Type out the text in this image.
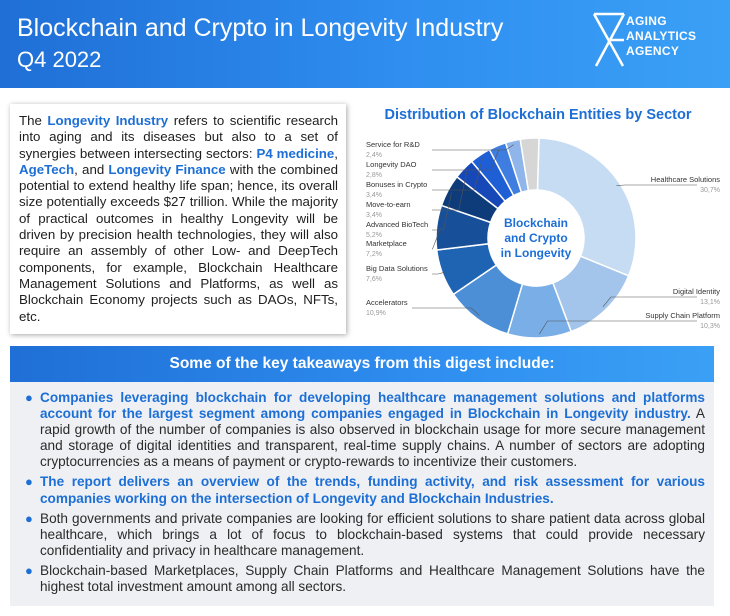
Blockchain and Crypto in Longevity Industry
Q4 2022
AGING
ANALYTICS
AGENCY
The Longevity Industry refers to scientific research into aging and its diseases but also to a set of synergies between intersecting sectors: P4 medicine, AgeTech, and Longevity Finance with the combined potential to extend healthy life span; hence, its overall size potentially exceeds $27 trillion. While the majority of practical outcomes in healthy Longevity will be driven by precision health technologies, they will also require an assembly of other Low- and DeepTech components, for example, Blockchain Healthcare Management Solutions and Platforms, as well as Blockchain Economy projects such as DAOs, NFTs, etc.
Distribution of Blockchain Entities by Sector
Blockchain
and Crypto
in Longevity
Healthcare Solutions
30,7%
Digital Identity
13,1%
Supply Chain Platform
10,3%
Accelerators
10,9%
Big Data Solutions
7,6%
Marketplace
7,2%
Advanced BioTech
5,2%
Move-to-earn
3,4%
Bonuses in Crypto
3,4%
Longevity DAO
2,8%
Service for R&D
2,4%
Some of the key takeaways from this digest include:
● Companies leveraging blockchain for developing healthcare management solutions and platforms account for the largest segment among companies engaged in Blockchain in Longevity industry. A rapid growth of the number of companies is also observed in blockchain usage for more secure management and storage of digital identities and transparent, real-time supply chains. A number of sectors are adopting cryptocurrencies as a means of payment or crypto-rewards to incentivize their customers.
● The report delivers an overview of the trends, funding activity, and risk assessment for various companies working on the intersection of Longevity and Blockchain Industries.
● Both governments and private companies are looking for efficient solutions to share patient data across global healthcare, which brings a lot of focus to blockchain-based systems that could provide necessary confidentiality and privacy in healthcare management.
● Blockchain-based Marketplaces, Supply Chain Platforms and Healthcare Management Solutions have the highest total investment amount among all sectors.
